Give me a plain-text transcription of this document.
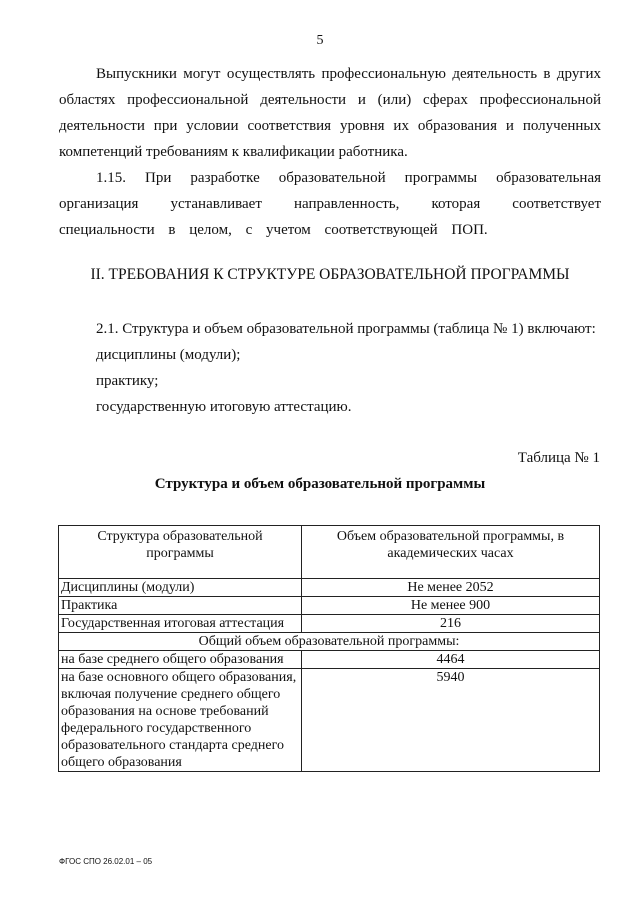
5
Выпускники могут осуществлять профессиональную деятельность в других областях профессиональной деятельности и (или) сферах профессиональной деятельности при условии соответствия уровня их образования и полученных компетенций требованиям к квалификации работника.
1.15. При разработке образовательной программы образовательная организация устанавливает направленность, которая соответствует специальности в целом, с учетом соответствующей ПОП.
II. ТРЕБОВАНИЯ К СТРУКТУРЕ ОБРАЗОВАТЕЛЬНОЙ ПРОГРАММЫ
2.1. Структура и объем образовательной программы (таблица № 1) включают:
дисциплины (модули);
практику;
государственную итоговую аттестацию.
Таблица № 1
Структура и объем образовательной программы
Структура образовательной программы	Объем образовательной программы, в академических часах
Дисциплины (модули)	Не менее 2052
Практика	Не менее 900
Государственная итоговая аттестация	216
Общий объем образовательной программы:	
на базе среднего общего образования	4464
на базе основного общего образования, включая получение среднего общего образования на основе требований федерального государственного образовательного стандарта среднего общего образования	5940
ФГОС СПО 26.02.01 – 05
